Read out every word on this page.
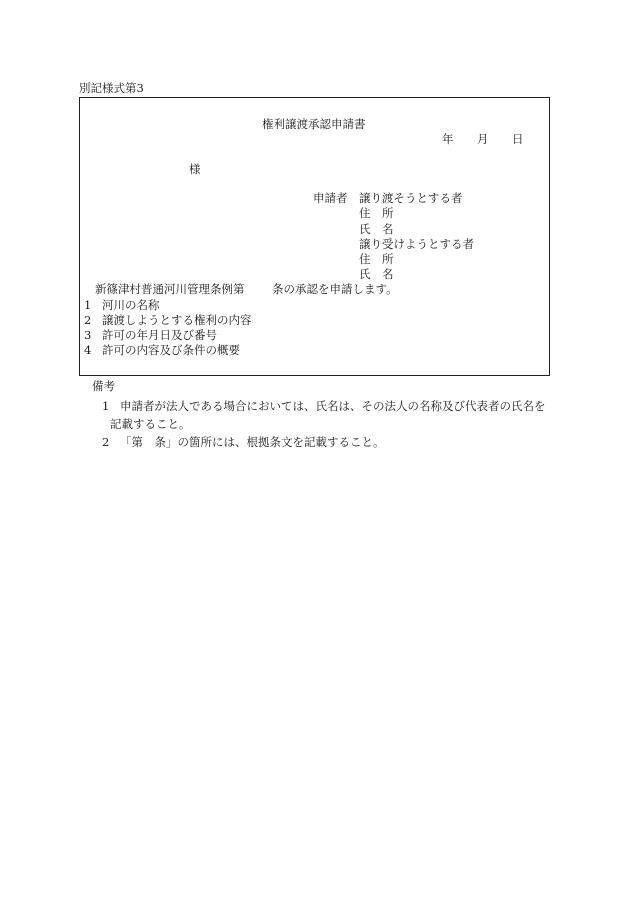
別記様式第3
権利譲渡承認申請書
年 月 日
様
申請者 譲り渡そうとする者
住　所
氏　名
譲り受けようとする者
住　所
氏　名
新篠津村普通河川管理条例第 条の承認を申請します。
1 河川の名称
2 譲渡しようとする権利の内容
3 許可の年月日及び番号
4 許可の内容及び条件の概要
備考
1 申請者が法人である場合においては、氏名は、その法人の名称及び代表者の氏名を
記載すること。
2 「第　条」の箇所には、根拠条文を記載すること。
